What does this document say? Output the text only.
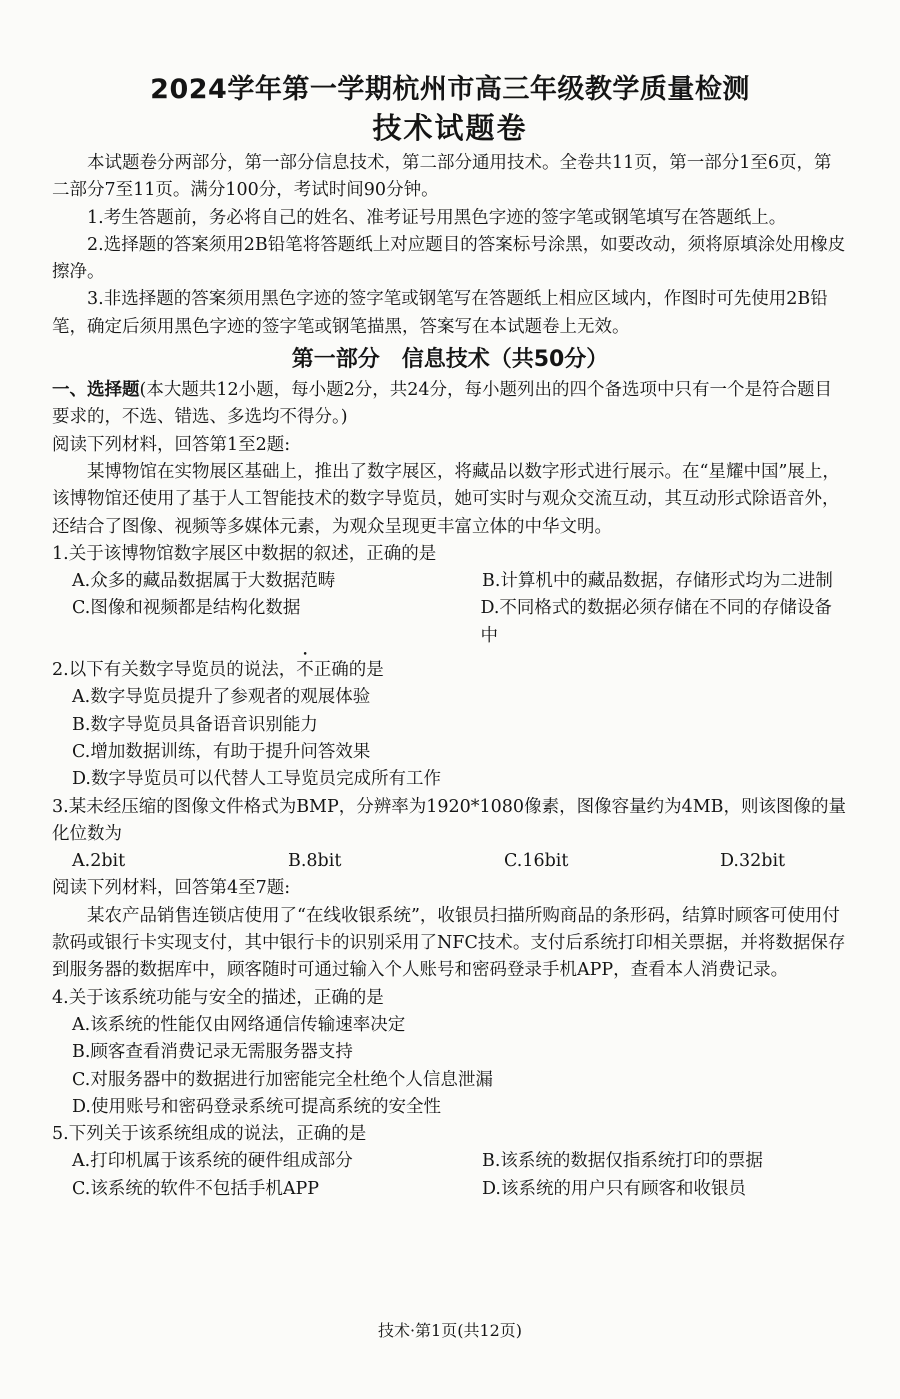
2024学年第一学期杭州市高三年级教学质量检测
技术试题卷

本试题卷分两部分，第一部分信息技术，第二部分通用技术。全卷共11页，第一部分1至6页，第二部分7至11页。满分100分，考试时间90分钟。

1.考生答题前，务必将自己的姓名、准考证号用黑色字迹的签字笔或钢笔填写在答题纸上。

2.选择题的答案须用2B铅笔将答题纸上对应题目的答案标号涂黑，如要改动，须将原填涂处用橡皮擦净。

3.非选择题的答案须用黑色字迹的签字笔或钢笔写在答题纸上相应区域内，作图时可先使用2B铅笔，确定后须用黑色字迹的签字笔或钢笔描黑，答案写在本试题卷上无效。

第一部分　信息技术（共50分）

一、选择题(本大题共12小题，每小题2分，共24分，每小题列出的四个备选项中只有一个是符合题目要求的，不选、错选、多选均不得分。)

阅读下列材料，回答第1至2题:

某博物馆在实物展区基础上，推出了数字展区，将藏品以数字形式进行展示。在“星耀中国”展上，该博物馆还使用了基于人工智能技术的数字导览员，她可实时与观众交流互动，其互动形式除语音外，还结合了图像、视频等多媒体元素，为观众呈现更丰富立体的中华文明。

1.关于该博物馆数字展区中数据的叙述，正确的是

A.众多的藏品数据属于大数据范畴	B.计算机中的藏品数据，存储形式均为二进制
C.图像和视频都是结构化数据	D.不同格式的数据必须存储在不同的存储设备中

2.以下有关数字导览员的说法，不正确的是

A.数字导览员提升了参观者的观展体验
B.数字导览员具备语音识别能力
C.增加数据训练，有助于提升问答效果
D.数字导览员可以代替人工导览员完成所有工作

3.某未经压缩的图像文件格式为BMP，分辨率为1920*1080像素，图像容量约为4MB，则该图像的量化位数为

A.2bit	B.8bit	C.16bit	D.32bit

阅读下列材料，回答第4至7题:

某农产品销售连锁店使用了“在线收银系统”，收银员扫描所购商品的条形码，结算时顾客可使用付款码或银行卡实现支付，其中银行卡的识别采用了NFC技术。支付后系统打印相关票据，并将数据保存到服务器的数据库中，顾客随时可通过输入个人账号和密码登录手机APP，查看本人消费记录。

4.关于该系统功能与安全的描述，正确的是

A.该系统的性能仅由网络通信传输速率决定
B.顾客查看消费记录无需服务器支持
C.对服务器中的数据进行加密能完全杜绝个人信息泄漏
D.使用账号和密码登录系统可提高系统的安全性

5.下列关于该系统组成的说法，正确的是

A.打印机属于该系统的硬件组成部分	B.该系统的数据仅指系统打印的票据
C.该系统的软件不包括手机APP	D.该系统的用户只有顾客和收银员
技术·第1页(共12页)
